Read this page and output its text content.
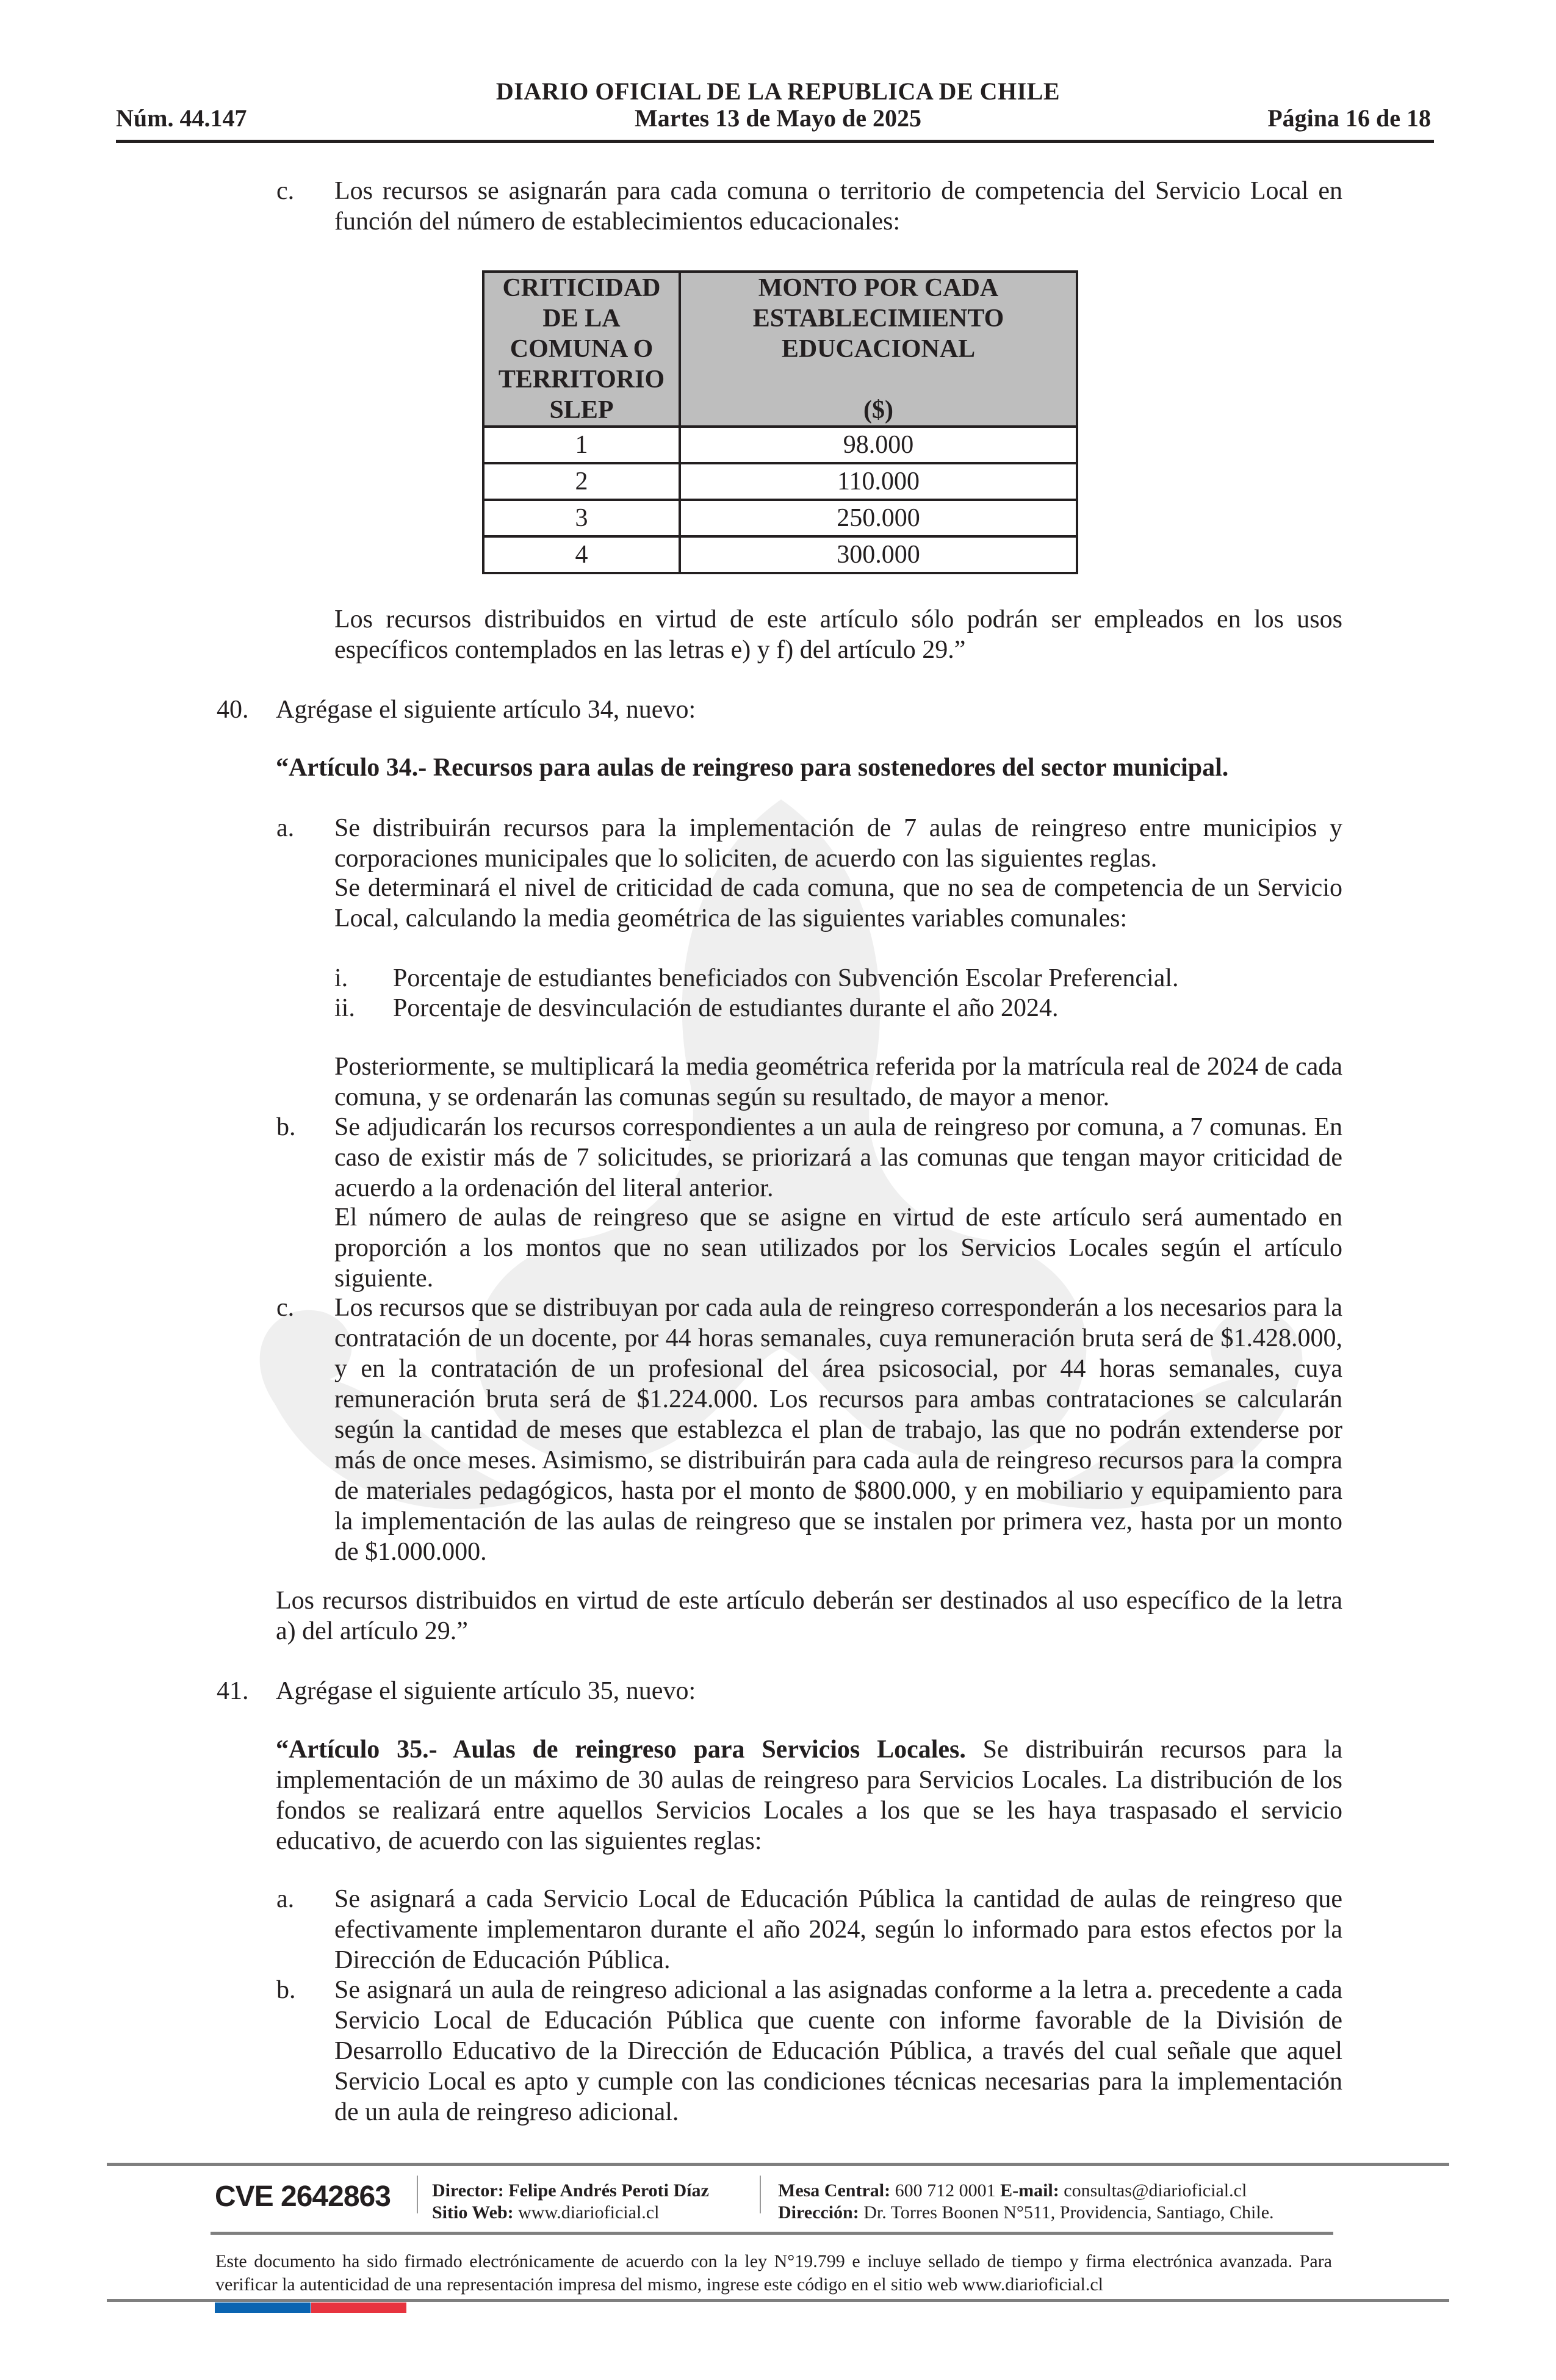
DIARIO OFICIAL DE LA REPUBLICA DE CHILE
Núm. 44.147	Martes 13 de Mayo de 2025	Página 16 de 18
c. Los recursos se asignarán para cada comuna o territorio de competencia del Servicio Local en función del número de establecimientos educacionales:
CRITICIDAD
DE LA
COMUNA O
TERRITORIO
SLEP

MONTO POR CADA
ESTABLECIMIENTO
EDUCACIONAL
($)

1	98.000
2	110.000
3	250.000
4	300.000
Los recursos distribuidos en virtud de este artículo sólo podrán ser empleados en los usos específicos contemplados en las letras e) y f) del artículo 29.”
40. Agrégase el siguiente artículo 34, nuevo:
“Artículo 34.- Recursos para aulas de reingreso para sostenedores del sector municipal.
a. Se distribuirán recursos para la implementación de 7 aulas de reingreso entre municipios y corporaciones municipales que lo soliciten, de acuerdo con las siguientes reglas.
Se determinará el nivel de criticidad de cada comuna, que no sea de competencia de un Servicio Local, calculando la media geométrica de las siguientes variables comunales:
i. Porcentaje de estudiantes beneficiados con Subvención Escolar Preferencial.
ii. Porcentaje de desvinculación de estudiantes durante el año 2024.
Posteriormente, se multiplicará la media geométrica referida por la matrícula real de 2024 de cada comuna, y se ordenarán las comunas según su resultado, de mayor a menor.
b. Se adjudicarán los recursos correspondientes a un aula de reingreso por comuna, a 7 comunas. En caso de existir más de 7 solicitudes, se priorizará a las comunas que tengan mayor criticidad de acuerdo a la ordenación del literal anterior.
El número de aulas de reingreso que se asigne en virtud de este artículo será aumentado en proporción a los montos que no sean utilizados por los Servicios Locales según el artículo siguiente.
c. Los recursos que se distribuyan por cada aula de reingreso corresponderán a los necesarios para la contratación de un docente, por 44 horas semanales, cuya remuneración bruta será de $1.428.000, y en la contratación de un profesional del área psicosocial, por 44 horas semanales, cuya remuneración bruta será de $1.224.000. Los recursos para ambas contrataciones se calcularán según la cantidad de meses que establezca el plan de trabajo, las que no podrán extenderse por más de once meses. Asimismo, se distribuirán para cada aula de reingreso recursos para la compra de materiales pedagógicos, hasta por el monto de $800.000, y en mobiliario y equipamiento para la implementación de las aulas de reingreso que se instalen por primera vez, hasta por un monto de $1.000.000.
Los recursos distribuidos en virtud de este artículo deberán ser destinados al uso específico de la letra a) del artículo 29.”
41. Agrégase el siguiente artículo 35, nuevo:
“Artículo 35.- Aulas de reingreso para Servicios Locales. Se distribuirán recursos para la implementación de un máximo de 30 aulas de reingreso para Servicios Locales. La distribución de los fondos se realizará entre aquellos Servicios Locales a los que se les haya traspasado el servicio educativo, de acuerdo con las siguientes reglas:
a. Se asignará a cada Servicio Local de Educación Pública la cantidad de aulas de reingreso que efectivamente implementaron durante el año 2024, según lo informado para estos efectos por la Dirección de Educación Pública.
b. Se asignará un aula de reingreso adicional a las asignadas conforme a la letra a. precedente a cada Servicio Local de Educación Pública que cuente con informe favorable de la División de Desarrollo Educativo de la Dirección de Educación Pública, a través del cual señale que aquel Servicio Local es apto y cumple con las condiciones técnicas necesarias para la implementación de un aula de reingreso adicional.
CVE 2642863 Director: Felipe Andrés Peroti Díaz
Sitio Web: www.diarioficial.cl
Mesa Central: 600 712 0001 E-mail: consultas@diarioficial.cl
Dirección: Dr. Torres Boonen N°511, Providencia, Santiago, Chile.
Este documento ha sido firmado electrónicamente de acuerdo con la ley N°19.799 e incluye sellado de tiempo y firma electrónica avanzada. Para verificar la autenticidad de una representación impresa del mismo, ingrese este código en el sitio web www.diarioficial.cl
